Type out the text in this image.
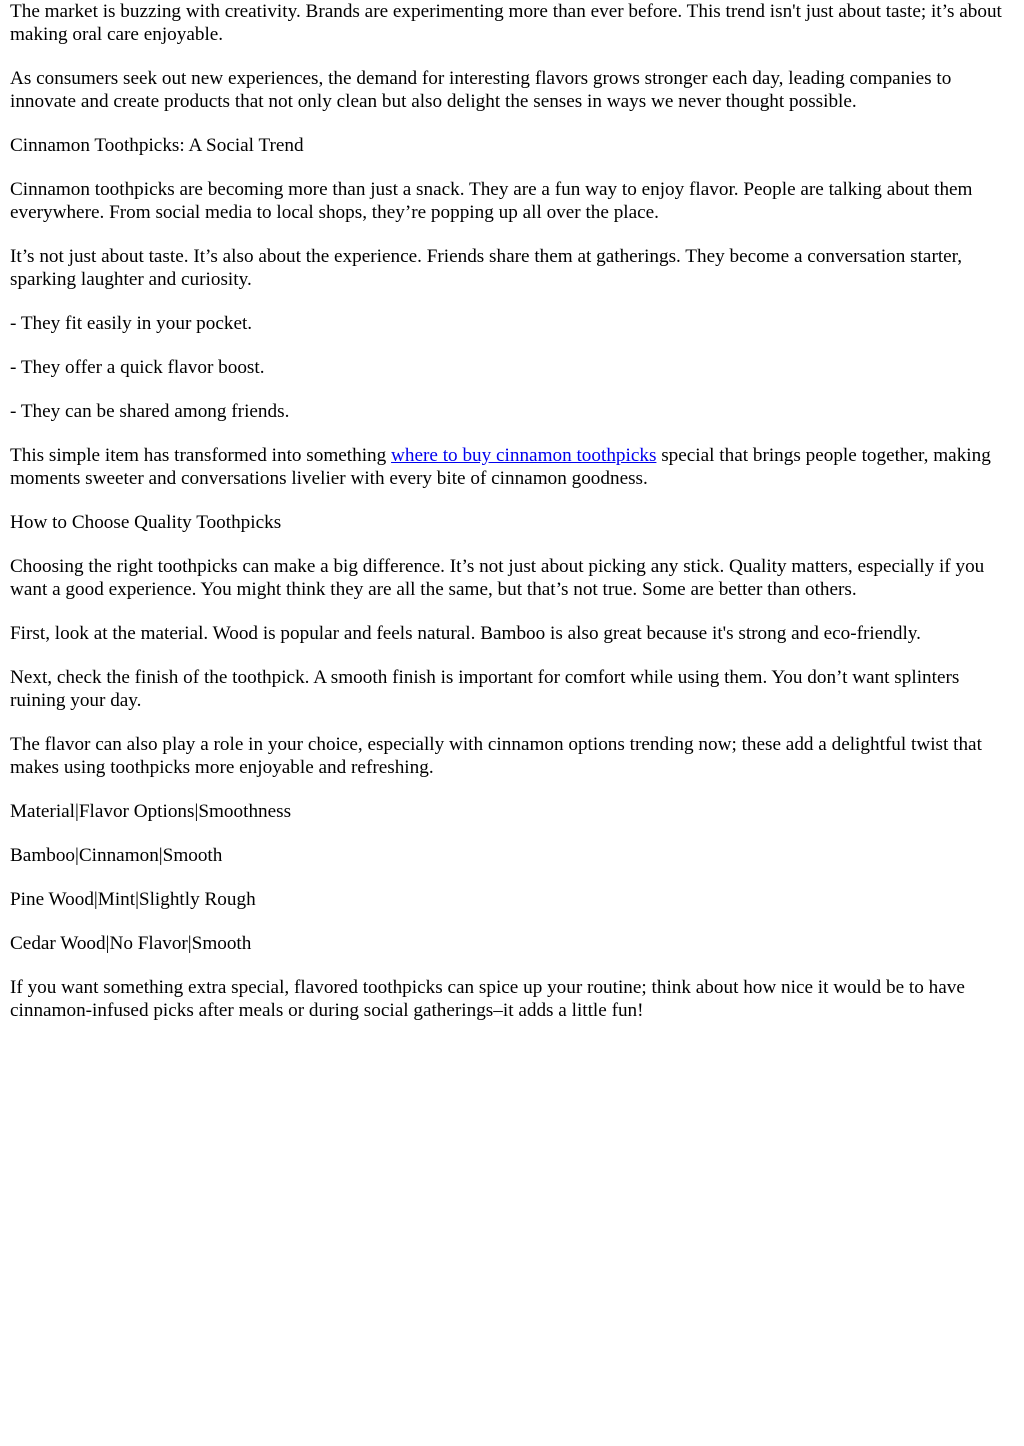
The market is buzzing with creativity. Brands are experimenting more than ever before. This trend isn't just about taste; it’s about making oral care enjoyable.

As consumers seek out new experiences, the demand for interesting flavors grows stronger each day, leading companies to innovate and create products that not only clean but also delight the senses in ways we never thought possible.

Cinnamon Toothpicks: A Social Trend

Cinnamon toothpicks are becoming more than just a snack. They are a fun way to enjoy flavor. People are talking about them everywhere. From social media to local shops, they’re popping up all over the place.

It’s not just about taste. It’s also about the experience. Friends share them at gatherings. They become a conversation starter, sparking laughter and curiosity.

- They fit easily in your pocket.

- They offer a quick flavor boost.

- They can be shared among friends.

This simple item has transformed into something where to buy cinnamon toothpicks special that brings people together, making moments sweeter and conversations livelier with every bite of cinnamon goodness.

How to Choose Quality Toothpicks

Choosing the right toothpicks can make a big difference. It’s not just about picking any stick. Quality matters, especially if you want a good experience. You might think they are all the same, but that’s not true. Some are better than others.

First, look at the material. Wood is popular and feels natural. Bamboo is also great because it's strong and eco-friendly.

Next, check the finish of the toothpick. A smooth finish is important for comfort while using them. You don’t want splinters ruining your day.

The flavor can also play a role in your choice, especially with cinnamon options trending now; these add a delightful twist that makes using toothpicks more enjoyable and refreshing.

Material|Flavor Options|Smoothness

Bamboo|Cinnamon|Smooth

Pine Wood|Mint|Slightly Rough

Cedar Wood|No Flavor|Smooth

If you want something extra special, flavored toothpicks can spice up your routine; think about how nice it would be to have cinnamon-infused picks after meals or during social gatherings–it adds a little fun!
